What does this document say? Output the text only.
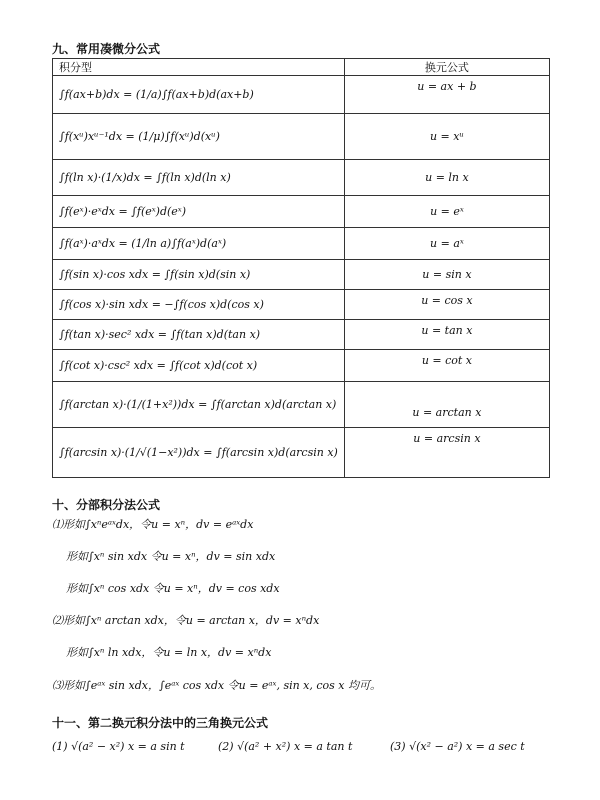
九、常用凑微分公式
积分型	换元公式
∫f(ax+b)dx = (1/a)∫f(ax+b)d(ax+b)	u = ax + b
∫f(xᵘ)xᵘ⁻¹dx = (1/μ)∫f(xᵘ)d(xᵘ)	u = xᵘ
∫f(ln x)·(1/x)dx = ∫f(ln x)d(ln x)	u = ln x
∫f(eˣ)·eˣdx = ∫f(eˣ)d(eˣ)	u = eˣ
∫f(aˣ)·aˣdx = (1/ln a)∫f(aˣ)d(aˣ)	u = aˣ
∫f(sin x)·cos xdx = ∫f(sin x)d(sin x)	u = sin x
∫f(cos x)·sin xdx = −∫f(cos x)d(cos x)	u = cos x
∫f(tan x)·sec² xdx = ∫f(tan x)d(tan x)	u = tan x
∫f(cot x)·csc² xdx = ∫f(cot x)d(cot x)	u = cot x
∫f(arctan x)·(1/(1+x²))dx = ∫f(arctan x)d(arctan x)	u = arctan x
∫f(arcsin x)·(1/√(1−x²))dx = ∫f(arcsin x)d(arcsin x)	u = arcsin x
十、分部积分法公式
⑴形如∫xⁿeᵃˣdx，令u = xⁿ，dv = eᵃˣdx
形如∫xⁿ sin xdx 令u = xⁿ，dv = sin xdx
形如∫xⁿ cos xdx 令u = xⁿ，dv = cos xdx
⑵形如∫xⁿ arctan xdx，令u = arctan x，dv = xⁿdx
形如∫xⁿ ln xdx，令u = ln x，dv = xⁿdx
⑶形如∫eᵃˣ sin xdx，∫eᵃˣ cos xdx 令u = eᵃˣ, sin x, cos x 均可。
十一、第二换元积分法中的三角换元公式
(1) √(a² − x²) x = a sin t	(2) √(a² + x²) x = a tan t	(3) √(x² − a²) x = a sec t
